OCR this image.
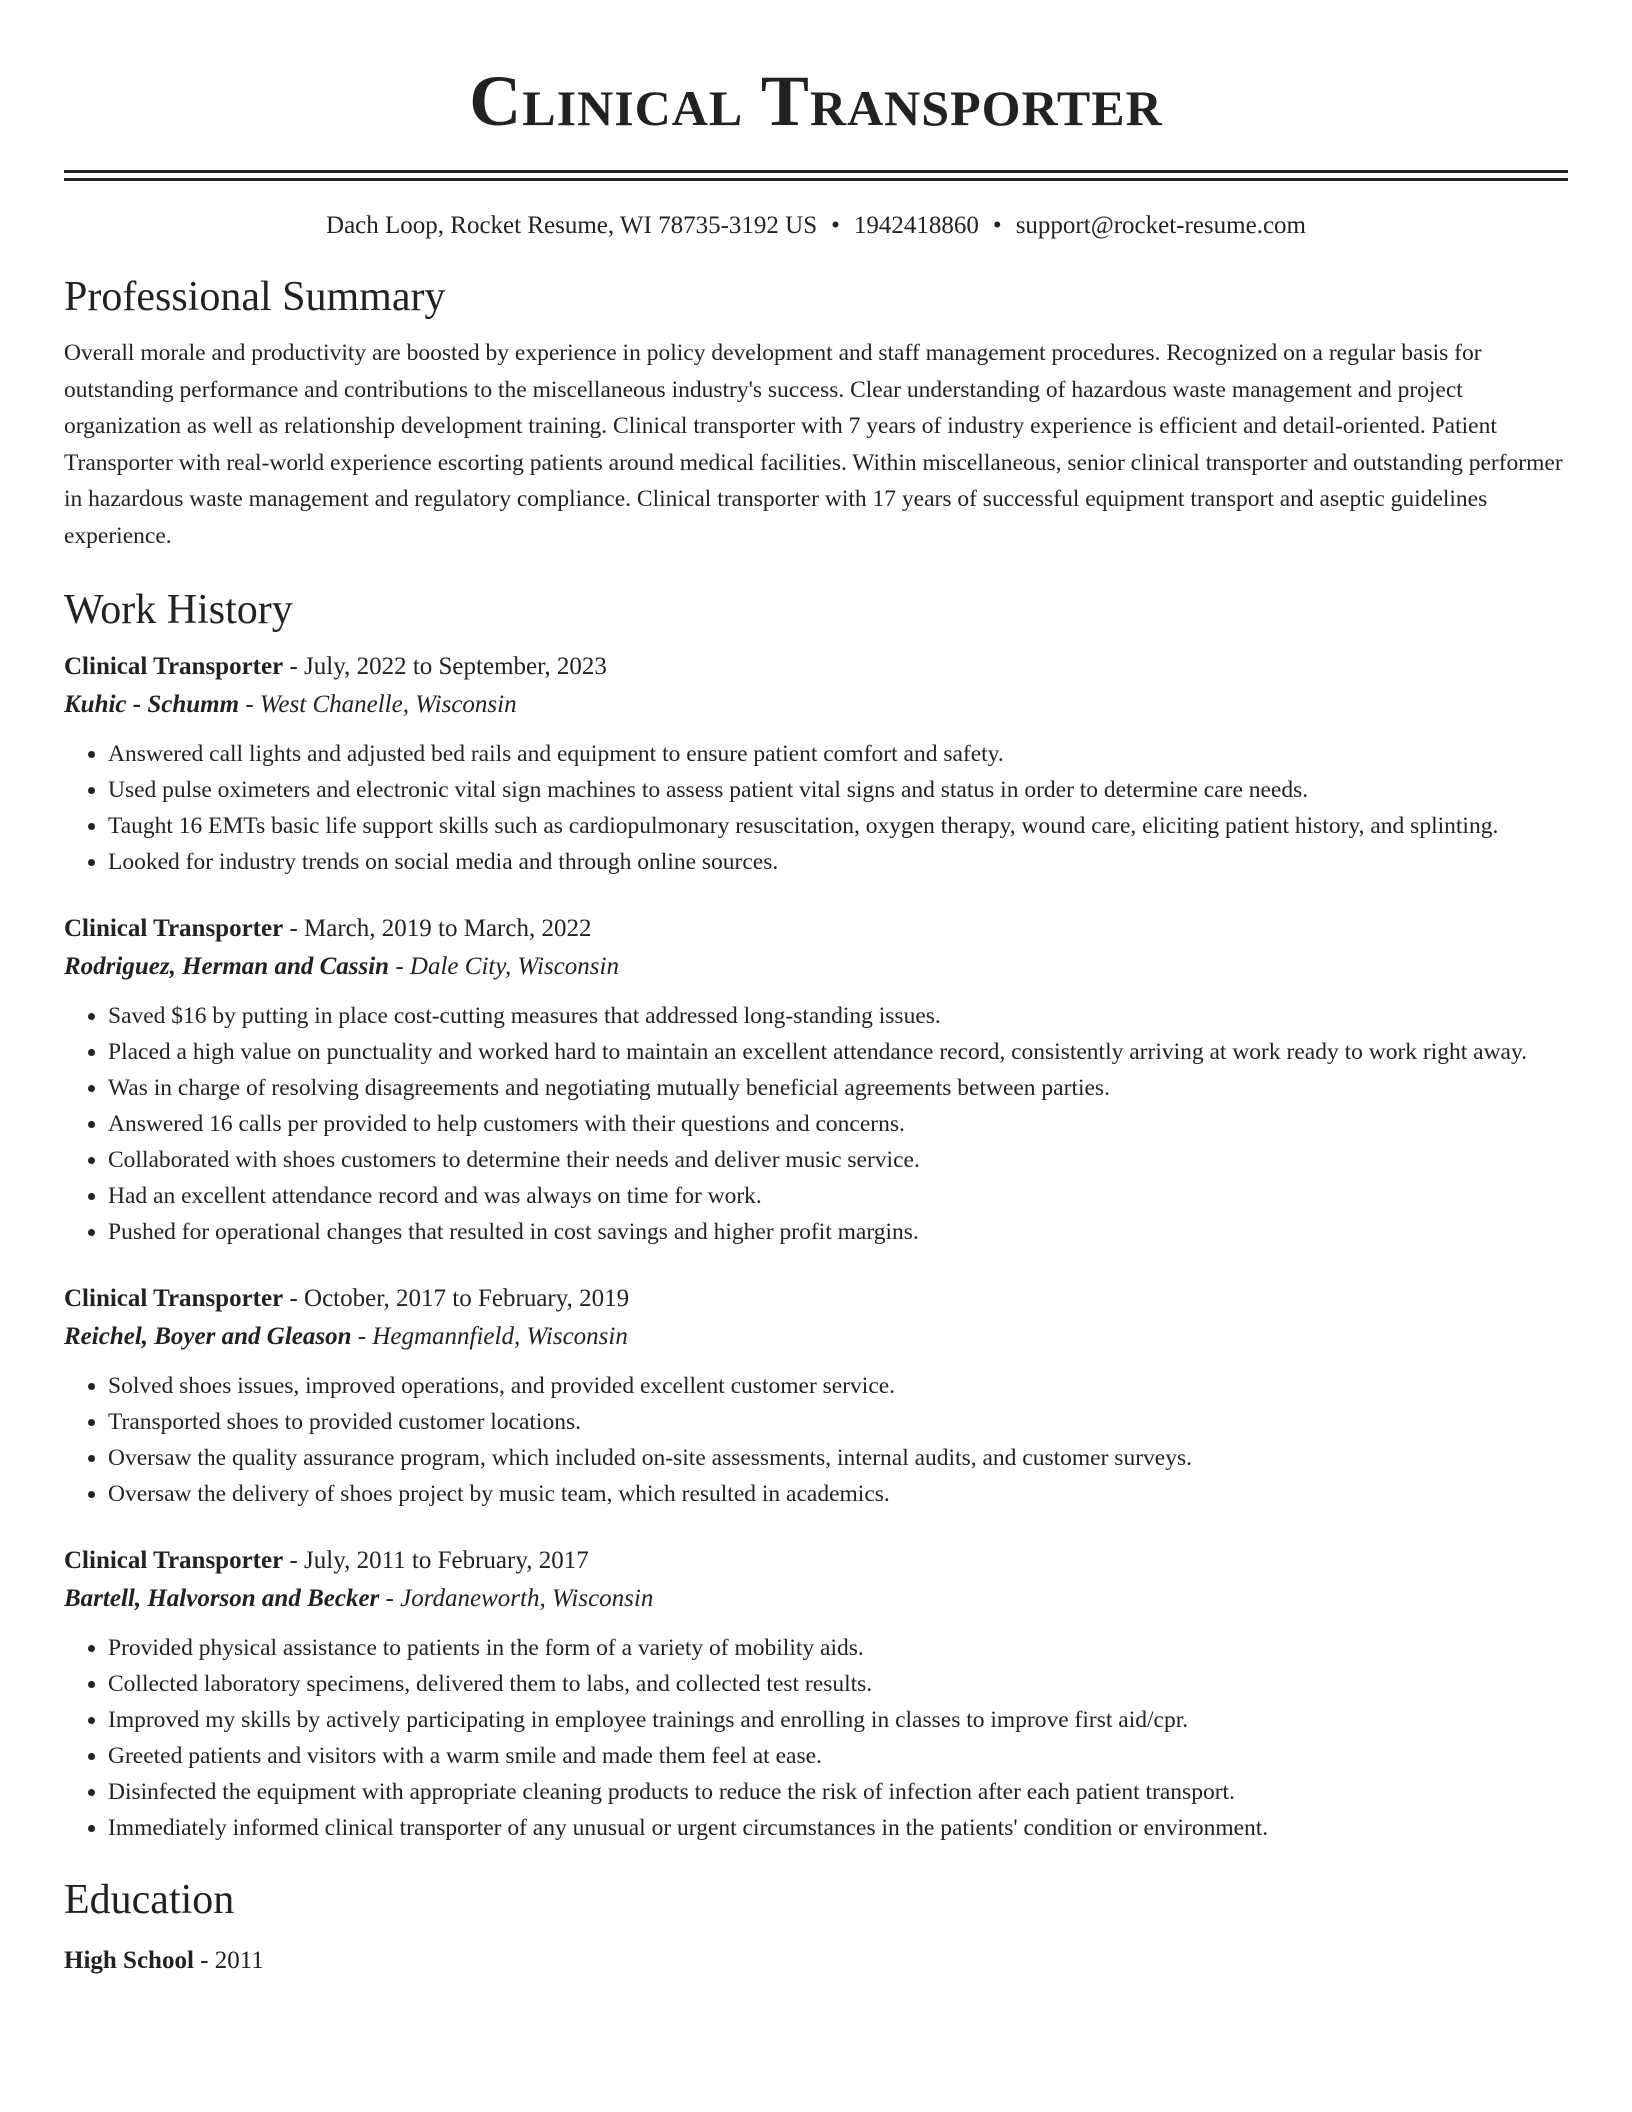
Clinical Transporter
Dach Loop, Rocket Resume, WI 78735-3192 US • 1942418860 • support@rocket-resume.com
Professional Summary

Overall morale and productivity are boosted by experience in policy development and staff management procedures. Recognized on a regular basis for outstanding performance and contributions to the miscellaneous industry's success. Clear understanding of hazardous waste management and project organization as well as relationship development training. Clinical transporter with 7 years of industry experience is efficient and detail-oriented. Patient Transporter with real-world experience escorting patients around medical facilities. Within miscellaneous, senior clinical transporter and outstanding performer in hazardous waste management and regulatory compliance. Clinical transporter with 17 years of successful equipment transport and aseptic guidelines experience.

Work History
Clinical Transporter - July, 2022 to September, 2023
Kuhic - Schumm - West Chanelle, Wisconsin
• Answered call lights and adjusted bed rails and equipment to ensure patient comfort and safety.
• Used pulse oximeters and electronic vital sign machines to assess patient vital signs and status in order to determine care needs.
• Taught 16 EMTs basic life support skills such as cardiopulmonary resuscitation, oxygen therapy, wound care, eliciting patient history, and splinting.
• Looked for industry trends on social media and through online sources.
Clinical Transporter - March, 2019 to March, 2022
Rodriguez, Herman and Cassin - Dale City, Wisconsin
• Saved $16 by putting in place cost-cutting measures that addressed long-standing issues.
• Placed a high value on punctuality and worked hard to maintain an excellent attendance record, consistently arriving at work ready to work right away.
• Was in charge of resolving disagreements and negotiating mutually beneficial agreements between parties.
• Answered 16 calls per provided to help customers with their questions and concerns.
• Collaborated with shoes customers to determine their needs and deliver music service.
• Had an excellent attendance record and was always on time for work.
• Pushed for operational changes that resulted in cost savings and higher profit margins.
Clinical Transporter - October, 2017 to February, 2019
Reichel, Boyer and Gleason - Hegmannfield, Wisconsin
• Solved shoes issues, improved operations, and provided excellent customer service.
• Transported shoes to provided customer locations.
• Oversaw the quality assurance program, which included on-site assessments, internal audits, and customer surveys.
• Oversaw the delivery of shoes project by music team, which resulted in academics.
Clinical Transporter - July, 2011 to February, 2017
Bartell, Halvorson and Becker - Jordaneworth, Wisconsin
• Provided physical assistance to patients in the form of a variety of mobility aids.
• Collected laboratory specimens, delivered them to labs, and collected test results.
• Improved my skills by actively participating in employee trainings and enrolling in classes to improve first aid/cpr.
• Greeted patients and visitors with a warm smile and made them feel at ease.
• Disinfected the equipment with appropriate cleaning products to reduce the risk of infection after each patient transport.
• Immediately informed clinical transporter of any unusual or urgent circumstances in the patients' condition or environment.
Education
High School - 2011
